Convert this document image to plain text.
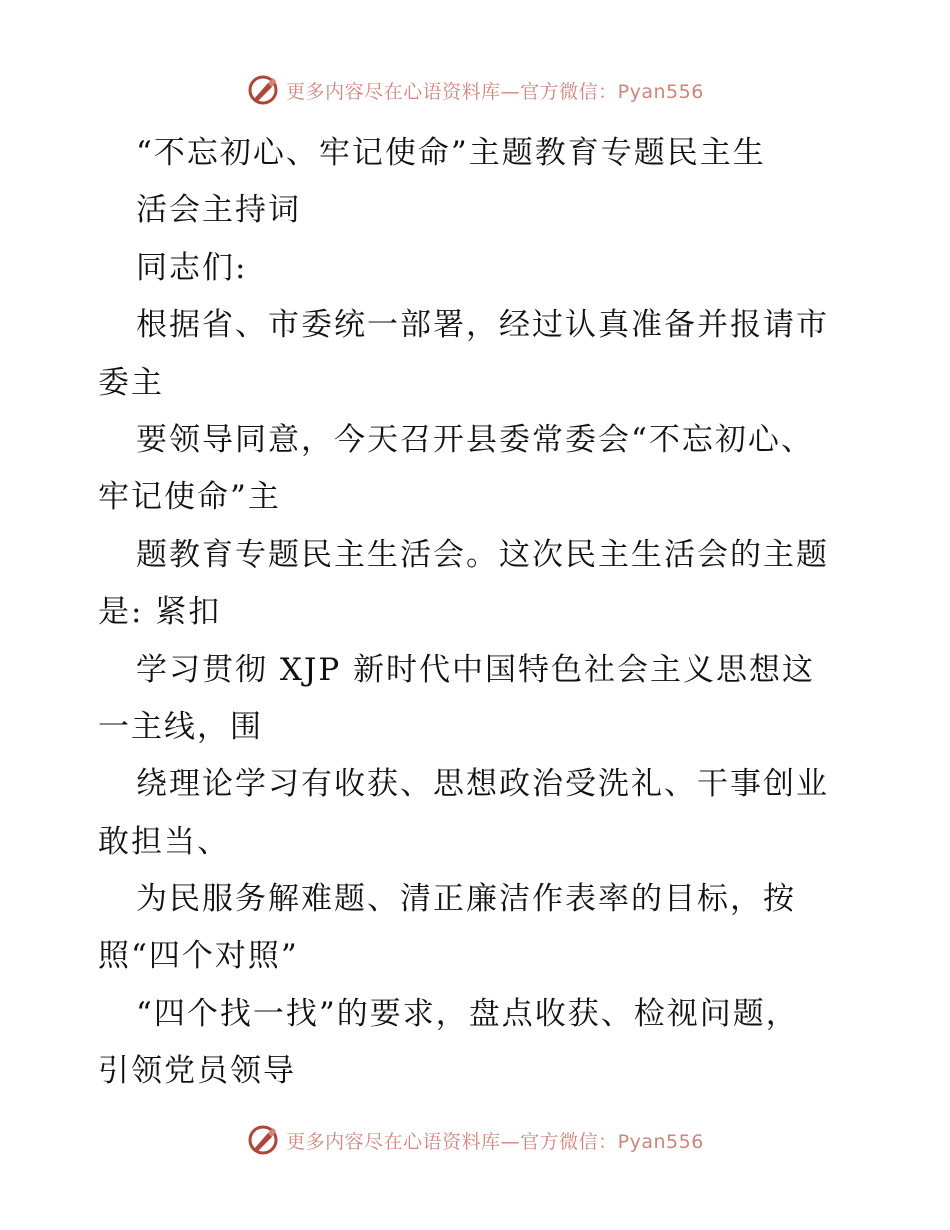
更多内容尽在心语资料库—官方微信：Pyan556
“不忘初心、牢记使命”主题教育专题民主生
活会主持词
同志们:
根据省、市委统一部署，经过认真准备并报请市
委主
要领导同意，今天召开县委常委会“不忘初心、
牢记使命”主
题教育专题民主生活会。这次民主生活会的主题
是: 紧扣
学习贯彻 XJP 新时代中国特色社会主义思想这
一主线，围
绕理论学习有收获、思想政治受洗礼、干事创业
敢担当、
为民服务解难题、清正廉洁作表率的目标，按
照“四个对照”
“四个找一找”的要求，盘点收获、检视问题，
引领党员领导
更多内容尽在心语资料库—官方微信：Pyan556
